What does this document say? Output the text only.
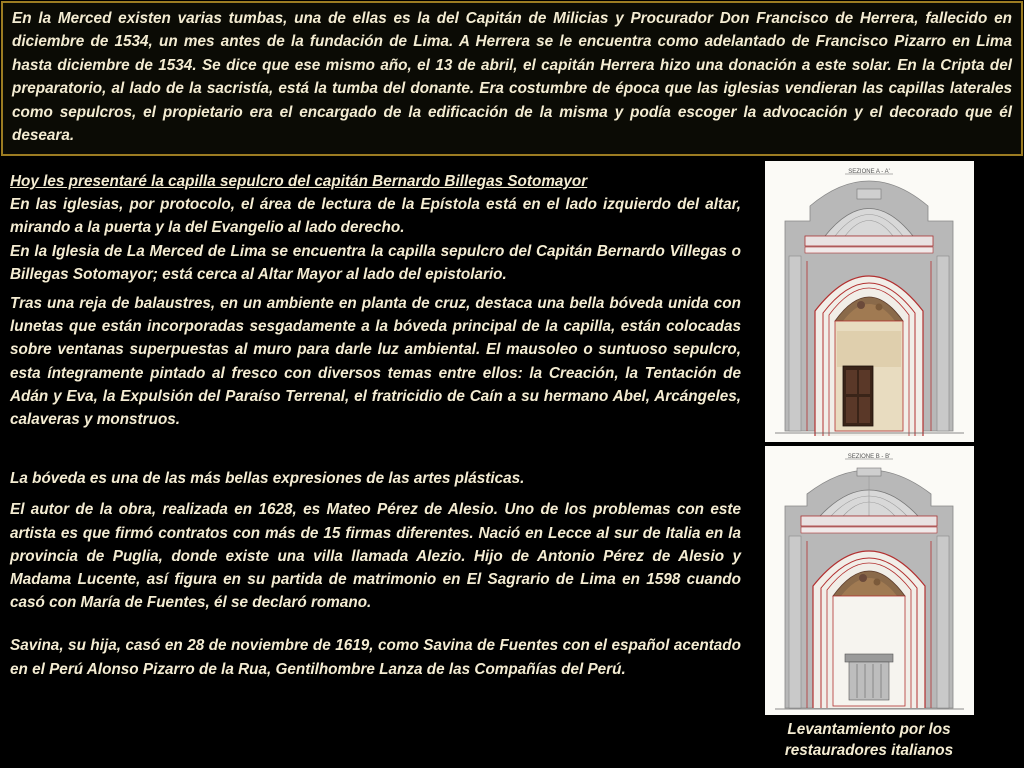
En la Merced existen varias tumbas, una de ellas es la del Capitán de Milicias y Procurador Don Francisco de Herrera, fallecido en diciembre de 1534, un mes antes de la fundación de Lima. A Herrera se le encuentra como adelantado de Francisco Pizarro en Lima hasta diciembre de 1534. Se dice que ese mismo año, el 13 de abril, el capitán Herrera hizo una donación a este solar. En la Cripta del preparatorio, al lado de la sacristía, está la tumba del donante. Era costumbre de época que las iglesias vendieran las capillas laterales como sepulcros, el propietario era el encargado de la edificación de la misma y podía escoger la advocación y el decorado que él deseara.

Hoy les presentaré la capilla sepulcro del capitán Bernardo Billegas Sotomayor

En las iglesias, por protocolo, el área de lectura de la Epístola está en el lado izquierdo del altar, mirando a la puerta y la del Evangelio al lado derecho.

En la Iglesia de La Merced de Lima se encuentra la capilla sepulcro del Capitán Bernardo Villegas o Billegas Sotomayor; está cerca al Altar Mayor al lado del epistolario.

Tras una reja de balaustres, en un ambiente en planta de cruz, destaca una bella bóveda unida con lunetas que están incorporadas sesgadamente a la bóveda principal de la capilla, están colocadas sobre ventanas superpuestas al muro para darle luz ambiental. El mausoleo o suntuoso sepulcro, esta íntegramente pintado al fresco con diversos temas entre ellos: la Creación, la Tentación de Adán y Eva, la Expulsión del Paraíso Terrenal, el fratricidio de Caín a su hermano Abel, Arcángeles, calaveras y monstruos.

La bóveda es una de las más bellas expresiones de las artes plásticas.

El autor de la obra, realizada en 1628, es Mateo Pérez de Alesio. Uno de los problemas con este artista es que firmó contratos con más de 15 firmas diferentes. Nació en Lecce al sur de Italia en la provincia de Puglia, donde existe una villa llamada Alezio. Hijo de Antonio Pérez de Alesio y Madama Lucente, así figura en su partida de matrimonio en El Sagrario de Lima en 1598 cuando casó con María de Fuentes, él se declaró romano.

Savina, su hija, casó en 28 de noviembre de 1619, como Savina de Fuentes con el español acentado en el Perú Alonso Pizarro de la Rua, Gentilhombre Lanza de las Compañías del Perú.

SEZIONE A - A'
SEZIONE B - B'
Levantamiento por los
restauradores italianos
